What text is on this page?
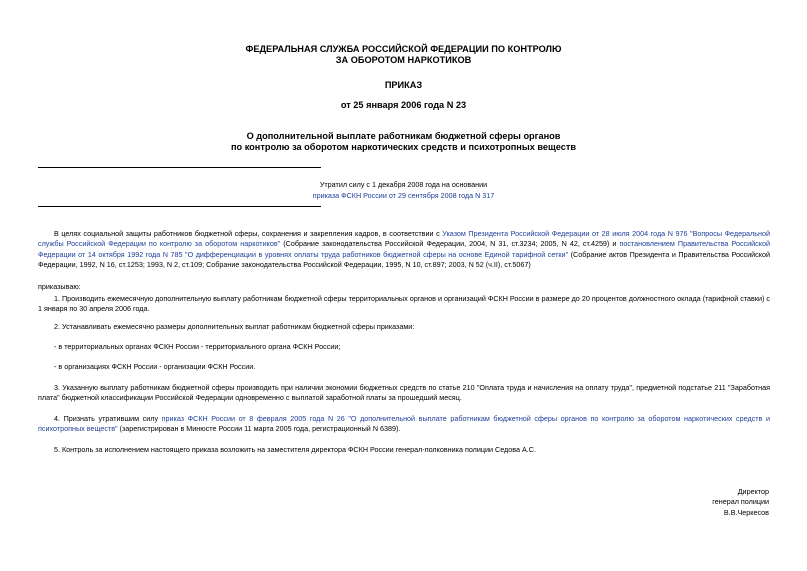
ФЕДЕРАЛЬНАЯ СЛУЖБА РОССИЙСКОЙ ФЕДЕРАЦИИ ПО КОНТРОЛЮ
ЗА ОБОРОТОМ НАРКОТИКОВ
ПРИКАЗ
от 25 января 2006 года N 23
О дополнительной выплате работникам бюджетной сферы органов
по контролю за оборотом наркотических средств и психотропных веществ
Утратил силу с 1 декабря 2008 года на основании
приказа ФСКН России от 29 сентября 2008 года N 317
В целях социальной защиты работников бюджетной сферы, сохранения и закрепления кадров, в соответствии с Указом Президента Российской Федерации от 28 июля 2004 года N 976 "Вопросы Федеральной службы Российской Федерации по контролю за оборотом наркотиков" (Собрание законодательства Российской Федерации, 2004, N 31, ст.3234; 2005, N 42, ст.4259) и постановлением Правительства Российской Федерации от 14 октября 1992 года N 785 "О дифференциации в уровнях оплаты труда работников бюджетной сферы на основе Единой тарифной сетки" (Собрание актов Президента и Правительства Российской Федерации, 1992, N 16, ст.1253; 1993, N 2, ст.109; Собрание законодательства Российской Федерации, 1995, N 10, ст.897; 2003, N 52 (ч.II), ст.5067)
приказываю:
1. Производить ежемесячную дополнительную выплату работникам бюджетной сферы территориальных органов и организаций ФСКН России в размере до 20 процентов должностного оклада (тарифной ставки) с 1 января по 30 апреля 2006 года.
2. Устанавливать ежемесячно размеры дополнительных выплат работникам бюджетной сферы приказами:
- в территориальных органах ФСКН России - территориального органа ФСКН России;
- в организациях ФСКН России - организации ФСКН России.
3. Указанную выплату работникам бюджетной сферы производить при наличии экономии бюджетных средств по статье 210 "Оплата труда и начисления на оплату труда", предметной подстатье 211 "Заработная плата" бюджетной классификации Российской Федерации одновременно с выплатой заработной платы за прошедший месяц.
4. Признать утратившим силу приказ ФСКН России от 8 февраля 2005 года N 26 "О дополнительной выплате работникам бюджетной сферы органов по контролю за оборотом наркотических средств и психотропных веществ" (зарегистрирован в Минюсте России 11 марта 2005 года, регистрационный N 6389).
5. Контроль за исполнением настоящего приказа возложить на заместителя директора ФСКН России генерал-полковника полиции Седова А.С.
Директор
генерал полиции
В.В.Черкесов
